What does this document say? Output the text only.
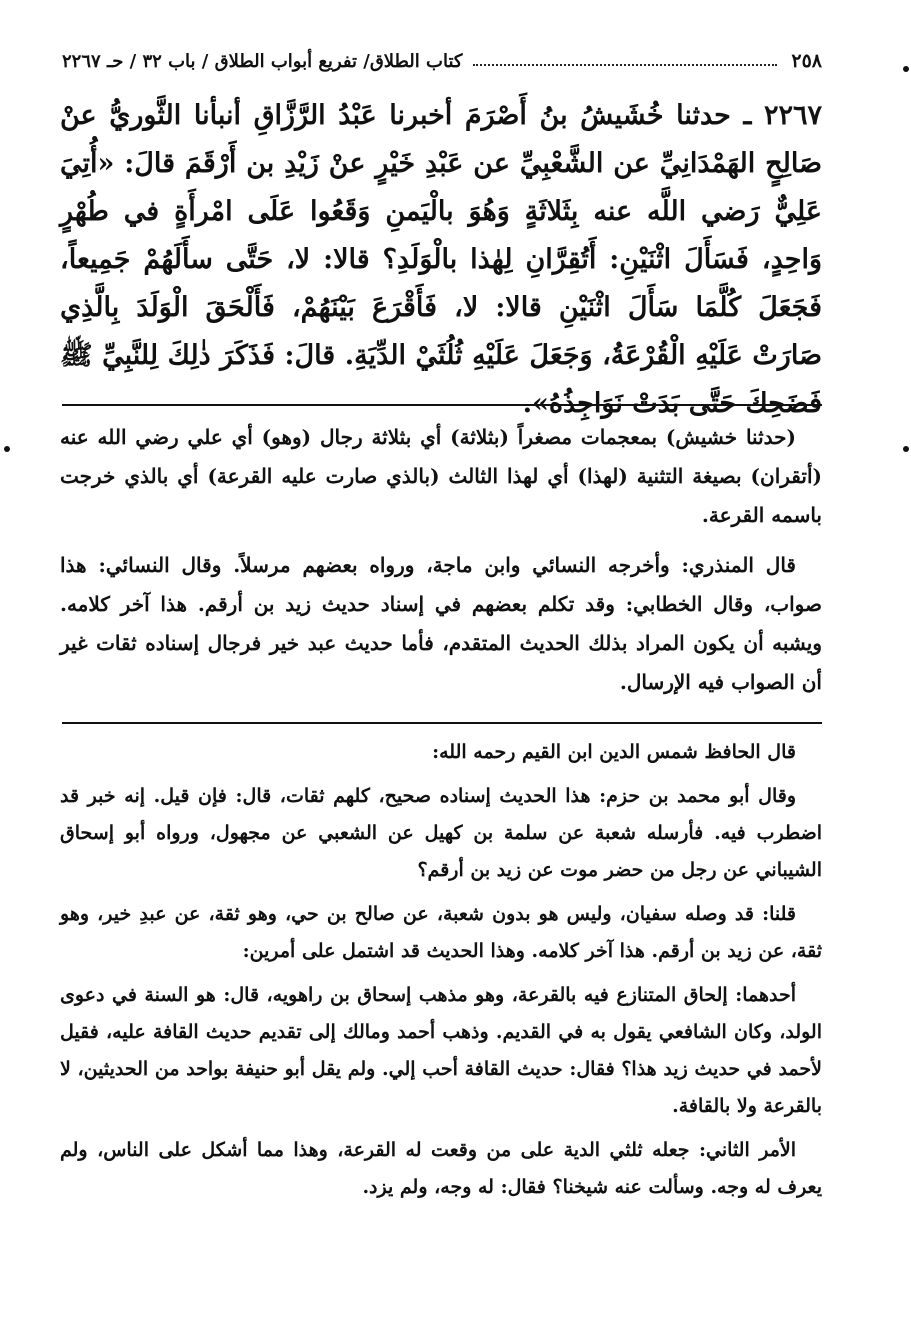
٢٥٨
كتاب الطلاق/ تفريع أبواب الطلاق / باب ٣٢ / حـ ٢٢٦٧
٢٢٦٧ ـ حدثنا خُشَيشُ بنُ أَصْرَمَ أخبرنا عَبْدُ الرَّزَّاقِ أنبأنا الثَّوريُّ عنْ صَالِحٍ الهَمْدَانِيِّ عن الشَّعْبِيِّ عن عَبْدِ خَيْرٍ عنْ زَيْدِ بن أَرْقَمَ قالَ: «أُتِيَ عَلِيٌّ رَضي اللَّه عنه بِثَلاثَةٍ وَهُوَ بالْيَمنِ وَقَعُوا عَلَى امْرأَةٍ في طُهْرٍ وَاحِدٍ، فَسَأَلَ اثْنَيْنِ: أَتُقِرَّانِ لِهٰذا بالْوَلَدِ؟ قالا: لا، حَتَّى سأَلَهُمْ جَمِيعاً، فَجَعَلَ كُلَّمَا سَأَلَ اثْنَيْنِ قالا: لا، فَأَقْرَعَ بَيْنَهُمْ، فَأَلْحَقَ الْوَلَدَ بِالَّذِي صَارَتْ عَلَيْهِ الْقُرْعَةُ، وَجَعَلَ عَلَيْهِ ثُلُثَيْ الدِّيَةِ. قالَ: فَذَكَرَ ذٰلِكَ لِلنَّبِيِّ ﷺ فَضَحِكَ حَتَّى بَدَتْ نَوَاجِذُهُ».

(حدثنا خشيش) بمعجمات مصغراً (بثلاثة) أي بثلاثة رجال (وهو) أي علي رضي الله عنه (أتقران) بصيغة التثنية (لهذا) أي لهذا الثالث (بالذي صارت عليه القرعة) أي بالذي خرجت باسمه القرعة.

قال المنذري: وأخرجه النسائي وابن ماجة، ورواه بعضهم مرسلاً. وقال النسائي: هذا صواب، وقال الخطابي: وقد تكلم بعضهم في إسناد حديث زيد بن أرقم. هذا آخر كلامه. ويشبه أن يكون المراد بذلك الحديث المتقدم، فأما حديث عبد خير فرجال إسناده ثقات غير أن الصواب فيه الإرسال.

قال الحافظ شمس الدين ابن القيم رحمه الله:

وقال أبو محمد بن حزم: هذا الحديث إسناده صحيح، كلهم ثقات، قال: فإن قيل. إنه خبر قد اضطرب فيه. فأرسله شعبة عن سلمة بن كهيل عن الشعبي عن مجهول، ورواه أبو إسحاق الشيباني عن رجل من حضر موت عن زيد بن أرقم؟

قلنا: قد وصله سفيان، وليس هو بدون شعبة، عن صالح بن حي، وهو ثقة، عن عبدِ خير، وهو ثقة، عن زيد بن أرقم. هذا آخر كلامه. وهذا الحديث قد اشتمل على أمرين:

أحدهما: إلحاق المتنازع فيه بالقرعة، وهو مذهب إسحاق بن راهويه، قال: هو السنة في دعوى الولد، وكان الشافعي يقول به في القديم. وذهب أحمد ومالك إلى تقديم حديث القافة عليه، فقيل لأحمد في حديث زيد هذا؟ فقال: حديث القافة أحب إلي. ولم يقل أبو حنيفة بواحد من الحديثين، لا بالقرعة ولا بالقافة.

الأمر الثاني: جعله ثلثي الدية على من وقعت له القرعة، وهذا مما أشكل على الناس، ولم يعرف له وجه. وسألت عنه شيخنا؟ فقال: له وجه، ولم يزد.
